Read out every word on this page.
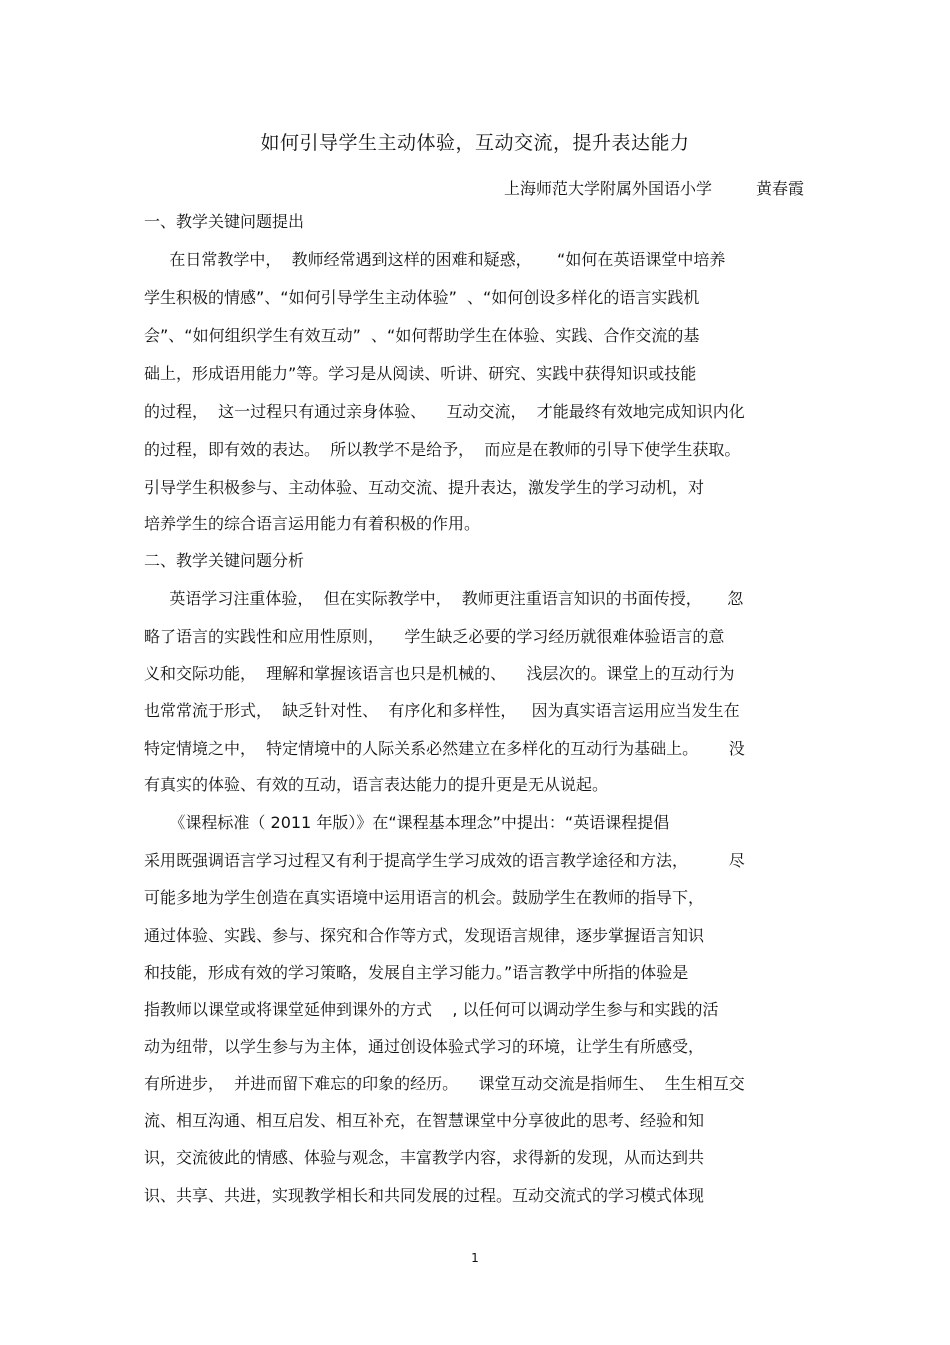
如何引导学生主动体验，互动交流，提升表达能力
上海师范大学附属外国语小学	黄春霞
一、教学关键问题提出
在日常教学中，  教师经常遇到这样的困难和疑惑，     “如何在英语课堂中培养
学生积极的情感”、“如何引导学生主动体验”  、“如何创设多样化的语言实践机
会”、“如何组织学生有效互动”  、“如何帮助学生在体验、实践、合作交流的基
础上，形成语用能力”等。学习是从阅读、听讲、研究、实践中获得知识或技能
的过程，  这一过程只有通过亲身体验、    互动交流，  才能最终有效地完成知识内化
的过程，即有效的表达。  所以教学不是给予，  而应是在教师的引导下使学生获取。
引导学生积极参与、主动体验、互动交流、提升表达，激发学生的学习动机，对
培养学生的综合语言运用能力有着积极的作用。
二、教学关键问题分析
英语学习注重体验，  但在实际教学中，  教师更注重语言知识的书面传授，     忽
略了语言的实践性和应用性原则，    学生缺乏必要的学习经历就很难体验语言的意
义和交际功能，  理解和掌握该语言也只是机械的、    浅层次的。课堂上的互动行为
也常常流于形式，  缺乏针对性、  有序化和多样性，   因为真实语言运用应当发生在
特定情境之中，  特定情境中的人际关系必然建立在多样化的互动行为基础上。      没
有真实的体验、有效的互动，语言表达能力的提升更是无从说起。
《课程标准（ 2011 年版）》在“课程基本理念”中提出：“英语课程提倡
采用既强调语言学习过程又有利于提高学生学习成效的语言教学途径和方法，        尽
可能多地为学生创造在真实语境中运用语言的机会。鼓励学生在教师的指导下，
通过体验、实践、参与、探究和合作等方式，发现语言规律，逐步掌握语言知识
和技能，形成有效的学习策略，发展自主学习能力。”语言教学中所指的体验是
指教师以课堂或将课堂延伸到课外的方式    , 以任何可以调动学生参与和实践的活
动为纽带，以学生参与为主体，通过创设体验式学习的环境，让学生有所感受，
有所进步，  并进而留下难忘的印象的经历。    课堂互动交流是指师生、  生生相互交
流、相互沟通、相互启发、相互补充，在智慧课堂中分享彼此的思考、经验和知
识，交流彼此的情感、体验与观念，丰富教学内容，求得新的发现，从而达到共
识、共享、共进，实现教学相长和共同发展的过程。互动交流式的学习模式体现
1
